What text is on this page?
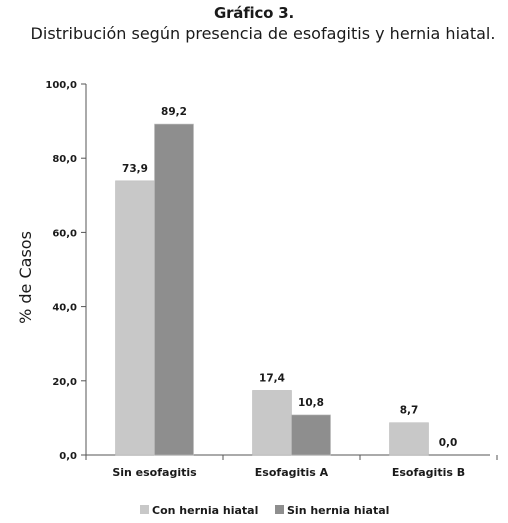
Gráfico 3.
Distribución según presencia de esofagitis y hernia hiatal.
0,0
20,0
40,0
60,0
80,0
100,0
Sin esofagitis	Esofagitis A	Esofagitis B
% de Casos
73,9
89,2
17,4
10,8
8,7
0,0
Con hernia hiatal	Sin hernia hiatal
